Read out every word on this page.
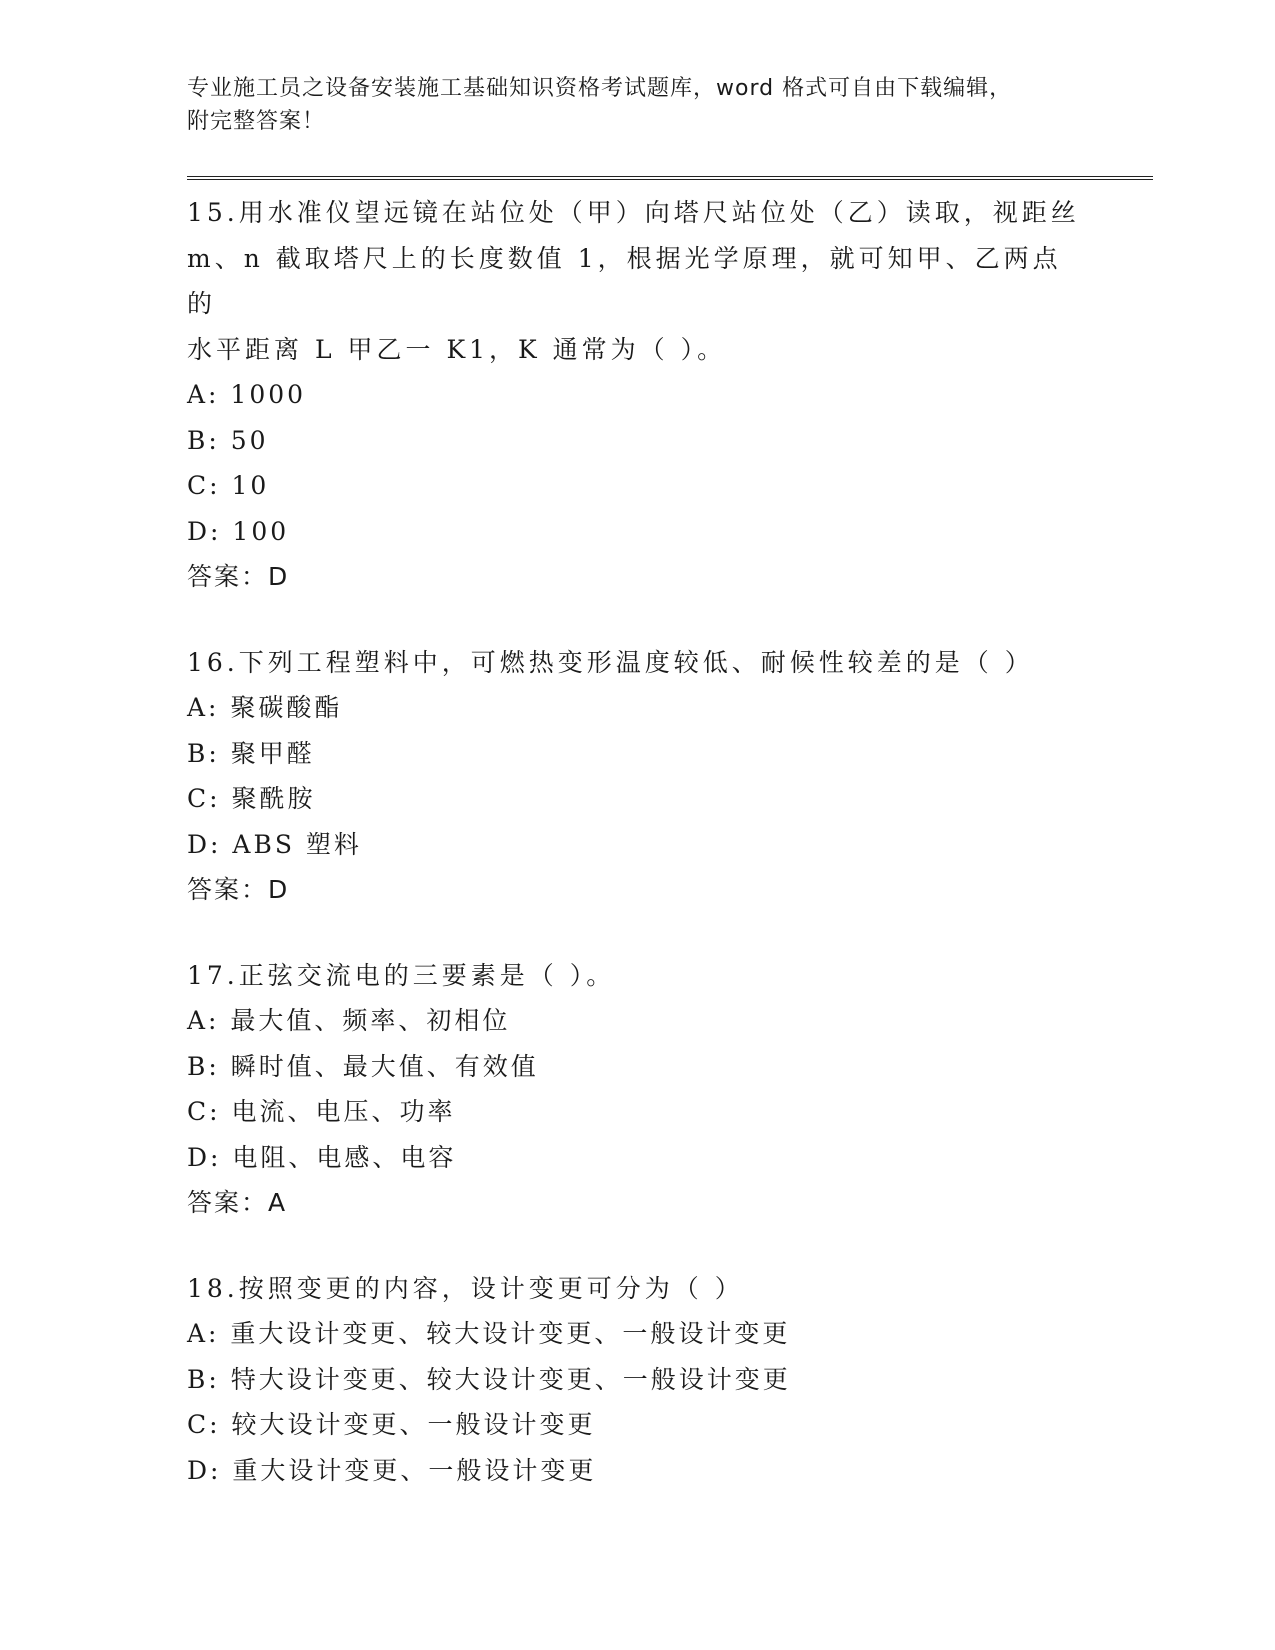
专业施工员之设备安装施工基础知识资格考试题库，word 格式可自由下载编辑，
附完整答案！

15.用水准仪望远镜在站位处（甲）向塔尺站位处（乙）读取，视距丝

m、n 截取塔尺上的长度数值 1，根据光学原理，就可知甲、乙两点的

水平距离 L 甲乙一 K1，K 通常为（ ）。

A: 1000

B: 50

C: 10

D: 100

答案：D

16.下列工程塑料中，可燃热变形温度较低、耐候性较差的是（ ）

A: 聚碳酸酯

B: 聚甲醛

C: 聚酰胺

D: ABS 塑料

答案：D

17.正弦交流电的三要素是（ ）。

A: 最大值、频率、初相位

B: 瞬时值、最大值、有效值

C: 电流、电压、功率

D: 电阻、电感、电容

答案：A

18.按照变更的内容，设计变更可分为（ ）

A: 重大设计变更、较大设计变更、一般设计变更

B: 特大设计变更、较大设计变更、一般设计变更

C: 较大设计变更、一般设计变更

D: 重大设计变更、一般设计变更
